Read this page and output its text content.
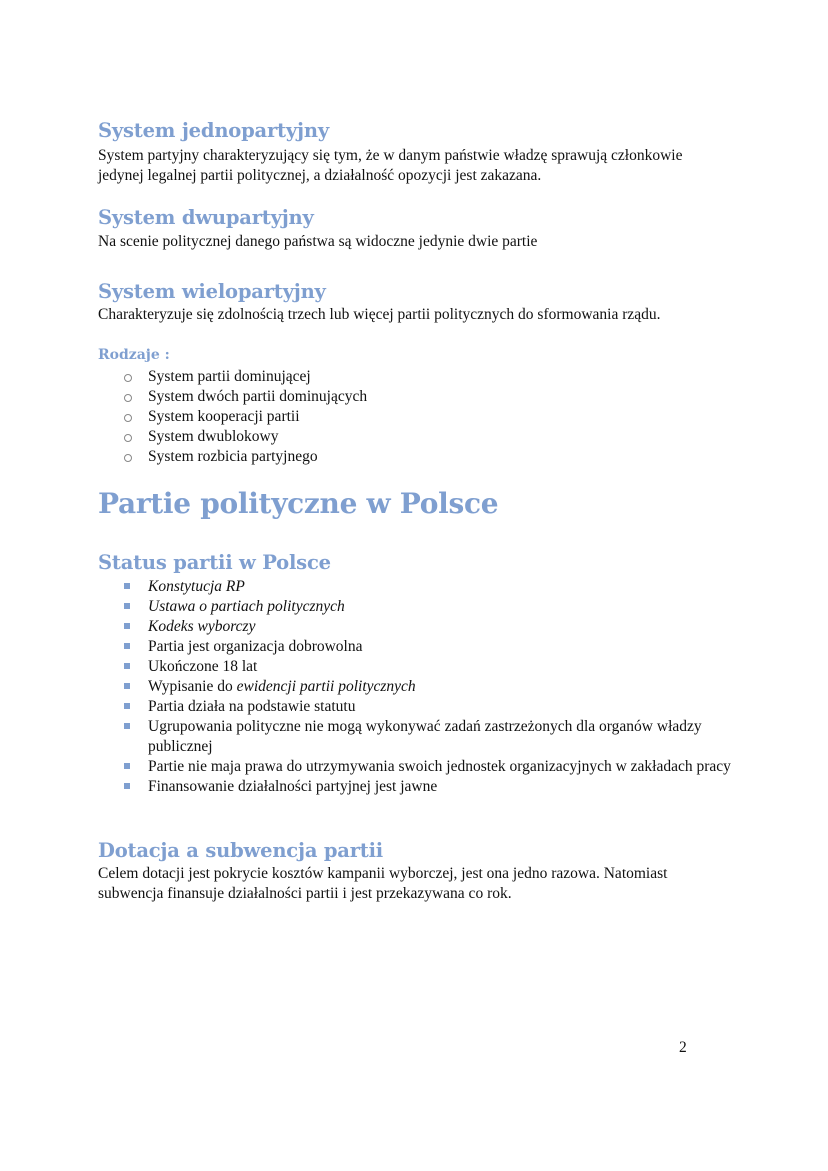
System jednopartyjny

System partyjny charakteryzujący się tym, że w danym państwie władzę sprawują członkowie jedynej legalnej partii politycznej, a działalność opozycji jest zakazana.

System dwupartyjny

Na scenie politycznej danego państwa są widoczne jedynie dwie partie

System wielopartyjny

Charakteryzuje się zdolnością trzech lub więcej partii politycznych do sformowania rządu.

Rodzaje :
System partii dominującej
System dwóch partii dominujących
System kooperacji partii
System dwublokowy
System rozbicia partyjnego
Partie polityczne w Polsce
Status partii w Polsce
Konstytucja RP
Ustawa o partiach politycznych
Kodeks wyborczy
Partia jest organizacja dobrowolna
Ukończone 18 lat
Wypisanie do ewidencji partii politycznych
Partia działa na podstawie statutu
Ugrupowania polityczne nie mogą wykonywać zadań zastrzeżonych dla organów władzy publicznej
Partie nie maja prawa do utrzymywania swoich jednostek organizacyjnych w zakładach pracy
Finansowanie działalności partyjnej jest jawne
Dotacja a subwencja partii

Celem dotacji jest pokrycie kosztów kampanii wyborczej, jest ona jedno razowa. Natomiast subwencja finansuje działalności partii i jest przekazywana co rok.

2
